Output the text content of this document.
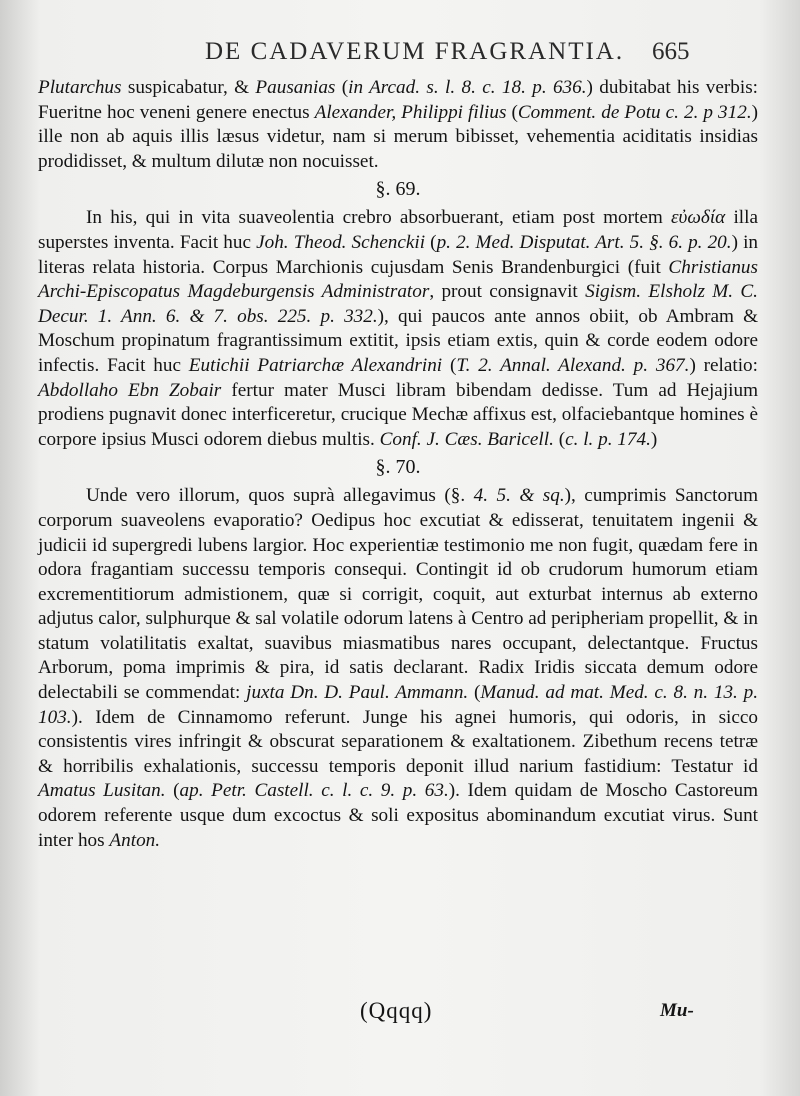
DE CADAVERUM FRAGRANTIA. 665

Plutarchus suspicabatur, & Pausanias (in Arcad. s. l. 8. c. 18. p. 636.) dubitabat his verbis: Fueritne hoc veneni genere enectus Alexander, Philippi filius (Comment. de Potu c. 2. p 312.) ille non ab aquis illis læsus videtur, nam si merum bibisset, vehementia aciditatis insidias prodidisset, & multum dilutæ non nocuisset.

§. 69.

In his, qui in vita suaveolentia crebro absorbuerant, etiam post mortem εὐωδία illa superstes inventa. Facit huc Joh. Theod. Schenckii (p. 2. Med. Disputat. Art. 5. §. 6. p. 20.) in literas relata historia. Corpus Marchionis cujusdam Senis Brandenburgici (fuit Christianus Archi-Episcopatus Magdeburgensis Administrator, prout consignavit Sigism. Elsholz M. C. Decur. 1. Ann. 6. & 7. obs. 225. p. 332.), qui paucos ante annos obiit, ob Ambram & Moschum propinatum fragrantissimum extitit, ipsis etiam extis, quin & corde eodem odore infectis. Facit huc Eutichii Patriarchæ Alexandrini (T. 2. Annal. Alexand. p. 367.) relatio: Abdollaho Ebn Zobair fertur mater Musci libram bibendam dedisse. Tum ad Hejajium prodiens pugnavit donec interficeretur, crucique Mechæ affixus est, olfaciebantque homines è corpore ipsius Musci odorem diebus multis. Conf. J. Cæs. Baricell. (c. l. p. 174.)

§. 70.

Unde vero illorum, quos suprà allegavimus (§. 4. 5. & sq.), cumprimis Sanctorum corporum suaveolens evaporatio? Oedipus hoc excutiat & edisserat, tenuitatem ingenii & judicii id supergredi lubens largior. Hoc experientiæ testimonio me non fugit, quædam fere in odora fragantiam successu temporis consequi. Contingit id ob crudorum humorum etiam excrementitiorum admistionem, quæ si corrigit, coquit, aut exturbat internus ab externo adjutus calor, sulphurque & sal volatile odorum latens à Centro ad peripheriam propellit, & in statum volatilitatis exaltat, suavibus miasmatibus nares occupant, delectantque. Fructus Arborum, poma imprimis & pira, id satis declarant. Radix Iridis siccata demum odore delectabili se commendat: juxta Dn. D. Paul. Ammann. (Manud. ad mat. Med. c. 8. n. 13. p. 103.). Idem de Cinnamomo referunt. Junge his agnei humoris, qui odoris, in sicco consistentis vires infringit & obscurat separationem & exaltationem. Zibethum recens tetræ & horribilis exhalationis, successu temporis deponit illud narium fastidium: Testatur id Amatus Lusitan. (ap. Petr. Castell. c. l. c. 9. p. 63.). Idem quidam de Moscho Castoreum odorem referente usque dum excoctus & soli expositus abominandum excutiat virus. Sunt inter hos Anton.

(Qqqq)	Mu-
